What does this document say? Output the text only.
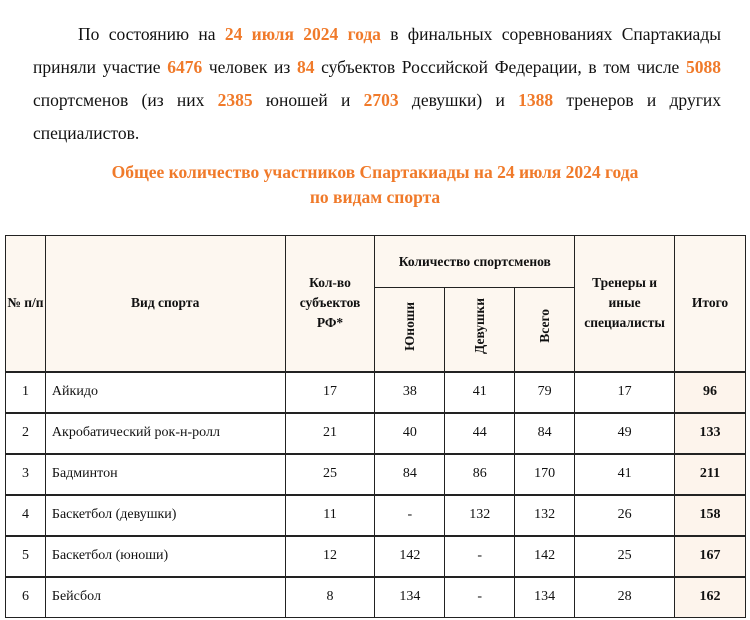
По состоянию на 24 июля 2024 года в финальных соревнованиях Спартакиады приняли участие 6476 человек из 84 субъектов Российской Федерации, в том числе 5088 спортсменов (из них 2385 юношей и 2703 девушки) и 1388 тренеров и других специалистов.

Общее количество участников Спартакиады на 24 июля 2024 года
по видам спорта
№ п/п	Вид спорта	Кол-во субъектов РФ*	Количество спортсменов			Тренеры и иные специалисты	Итого
			Юноши	Девушки	Всего		
1	Айкидо	17	38	41	79	17	96
2	Акробатический рок-н-ролл	21	40	44	84	49	133
3	Бадминтон	25	84	86	170	41	211
4	Баскетбол (девушки)	11	-	132	132	26	158
5	Баскетбол (юноши)	12	142	-	142	25	167
6	Бейсбол	8	134	-	134	28	162
